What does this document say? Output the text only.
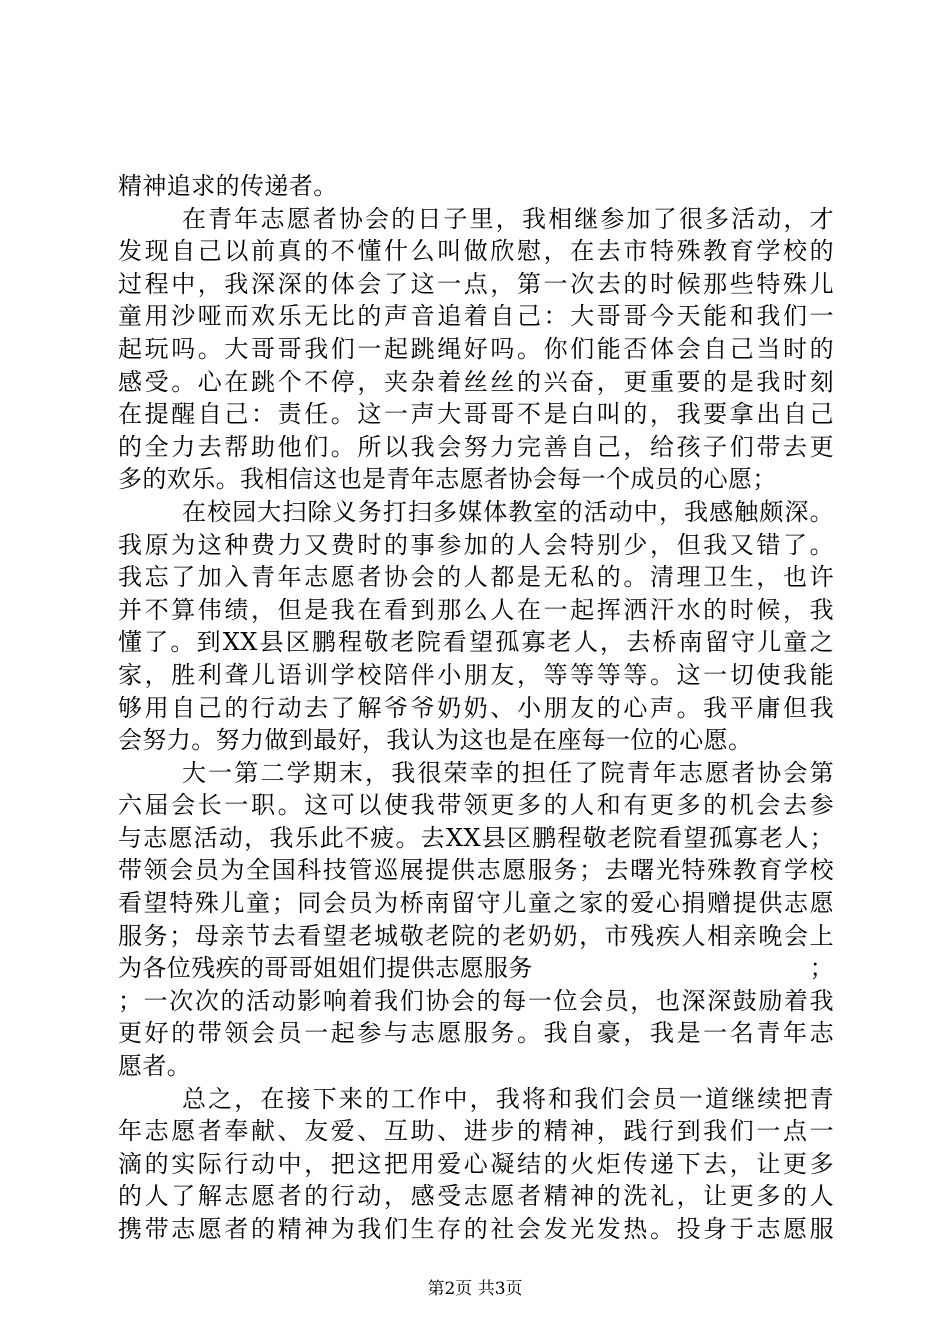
精神追求的传递者。
在青年志愿者协会的日子里，我相继参加了很多活动，才
发现自己以前真的不懂什么叫做欣慰，在去市特殊教育学校的
过程中，我深深的体会了这一点，第一次去的时候那些特殊儿
童用沙哑而欢乐无比的声音追着自己：大哥哥今天能和我们一
起玩吗。大哥哥我们一起跳绳好吗。你们能否体会自己当时的
感受。心在跳个不停，夹杂着丝丝的兴奋，更重要的是我时刻
在提醒自己：责任。这一声大哥哥不是白叫的，我要拿出自己
的全力去帮助他们。所以我会努力完善自己，给孩子们带去更
多的欢乐。我相信这也是青年志愿者协会每一个成员的心愿；
在校园大扫除义务打扫多媒体教室的活动中，我感触颇深。
我原为这种费力又费时的事参加的人会特别少，但我又错了。
我忘了加入青年志愿者协会的人都是无私的。清理卫生，也许
并不算伟绩，但是我在看到那么人在一起挥洒汗水的时候，我
懂了。到XX县区鹏程敬老院看望孤寡老人，去桥南留守儿童之
家，胜利聋儿语训学校陪伴小朋友，等等等等。这一切使我能
够用自己的行动去了解爷爷奶奶、小朋友的心声。我平庸但我
会努力。努力做到最好，我认为这也是在座每一位的心愿。
大一第二学期末，我很荣幸的担任了院青年志愿者协会第
六届会长一职。这可以使我带领更多的人和有更多的机会去参
与志愿活动，我乐此不疲。去XX县区鹏程敬老院看望孤寡老人；
带领会员为全国科技管巡展提供志愿服务；去曙光特殊教育学校
看望特殊儿童；同会员为桥南留守儿童之家的爱心捐赠提供志愿
服务；母亲节去看望老城敬老院的老奶奶，市残疾人相亲晚会上
为各位残疾的哥哥姐姐们提供志愿服务	；
；一次次的活动影响着我们协会的每一位会员，也深深鼓励着我
更好的带领会员一起参与志愿服务。我自豪，我是一名青年志
愿者。
总之，在接下来的工作中，我将和我们会员一道继续把青
年志愿者奉献、友爱、互助、进步的精神，践行到我们一点一
滴的实际行动中，把这把用爱心凝结的火炬传递下去，让更多
的人了解志愿者的行动，感受志愿者精神的洗礼，让更多的人
携带志愿者的精神为我们生存的社会发光发热。投身于志愿服
第2页 共3页
